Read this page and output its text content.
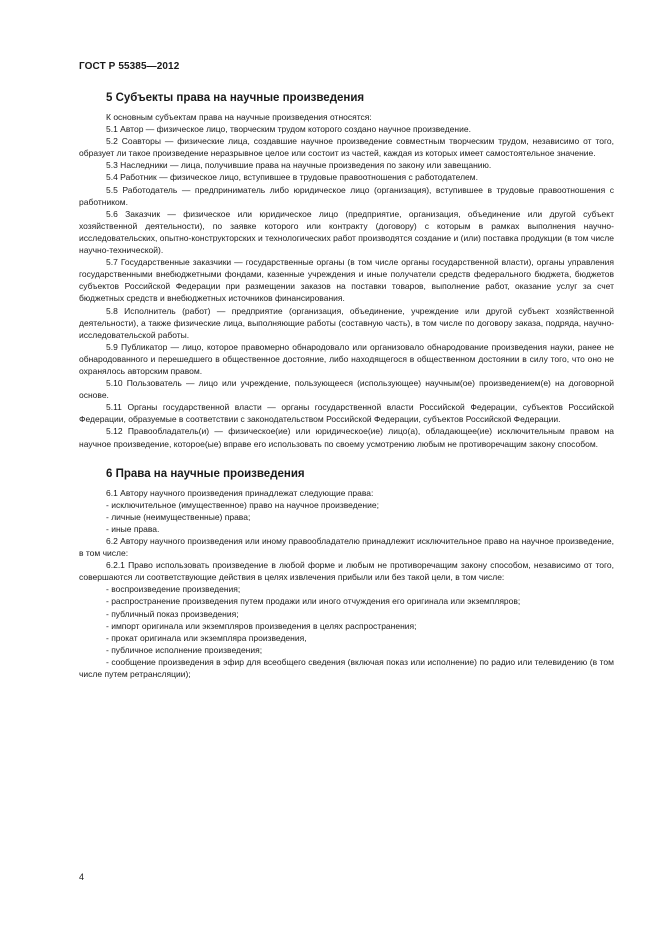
ГОСТ Р 55385—2012
5 Субъекты права на научные произведения

К основным субъектам права на научные произведения относятся:

5.1 Автор — физическое лицо, творческим трудом которого создано научное произведение.

5.2 Соавторы — физические лица, создавшие научное произведение совместным творческим трудом, независимо от того, образует ли такое произведение неразрывное целое или состоит из частей, каждая из которых имеет самостоятельное значение.

5.3 Наследники — лица, получившие права на научные произведения по закону или завещанию.

5.4 Работник — физическое лицо, вступившее в трудовые правоотношения с работодателем.

5.5 Работодатель — предприниматель либо юридическое лицо (организация), вступившее в трудовые правоотношения с работником.

5.6 Заказчик — физическое или юридическое лицо (предприятие, организация, объединение или другой субъект хозяйственной деятельности), по заявке которого или контракту (договору) с которым в рамках выполнения научно-исследовательских, опытно-конструкторских и технологических работ производятся создание и (или) поставка продукции (в том числе научно-технической).

5.7 Государственные заказчики — государственные органы (в том числе органы государственной власти), органы управления государственными внебюджетными фондами, казенные учреждения и иные получатели средств федерального бюджета, бюджетов субъектов Российской Федерации при размещении заказов на поставки товаров, выполнение работ, оказание услуг за счет бюджетных средств и внебюджетных источников финансирования.

5.8 Исполнитель (работ) — предприятие (организация, объединение, учреждение или другой субъект хозяйственной деятельности), а также физические лица, выполняющие работы (составную часть), в том числе по договору заказа, подряда, научно-исследовательской работы.

5.9 Публикатор — лицо, которое правомерно обнародовало или организовало обнародование произведения науки, ранее не обнародованного и перешедшего в общественное достояние, либо находящегося в общественном достоянии в силу того, что оно не охранялось авторским правом.

5.10 Пользователь — лицо или учреждение, пользующееся (использующее) научным(ое) произведением(е) на договорной основе.

5.11 Органы государственной власти — органы государственной власти Российской Федерации, субъектов Российской Федерации, образуемые в соответствии с законодательством Российской Федерации, субъектов Российской Федерации.

5.12 Правообладатель(и) — физическое(ие) или юридическое(ие) лицо(а), обладающее(ие) исключительным правом на научное произведение, которое(ые) вправе его использовать по своему усмотрению любым не противоречащим закону способом.

6 Права на научные произведения

6.1 Автору научного произведения принадлежат следующие права:

- исключительное (имущественное) право на научное произведение;

- личные (неимущественные) права;

- иные права.

6.2 Автору научного произведения или иному правообладателю принадлежит исключительное право на научное произведение, в том числе:

6.2.1 Право использовать произведение в любой форме и любым не противоречащим закону способом, независимо от того, совершаются ли соответствующие действия в целях извлечения прибыли или без такой цели, в том числе:

- воспроизведение произведения;

- распространение произведения путем продажи или иного отчуждения его оригинала или экземпляров;

- публичный показ произведения;

- импорт оригинала или экземпляров произведения в целях распространения;

- прокат оригинала или экземпляра произведения,

- публичное исполнение произведения;

- сообщение произведения в эфир для всеобщего сведения (включая показ или исполнение) по радио или телевидению (в том числе путем ретрансляции);

4
